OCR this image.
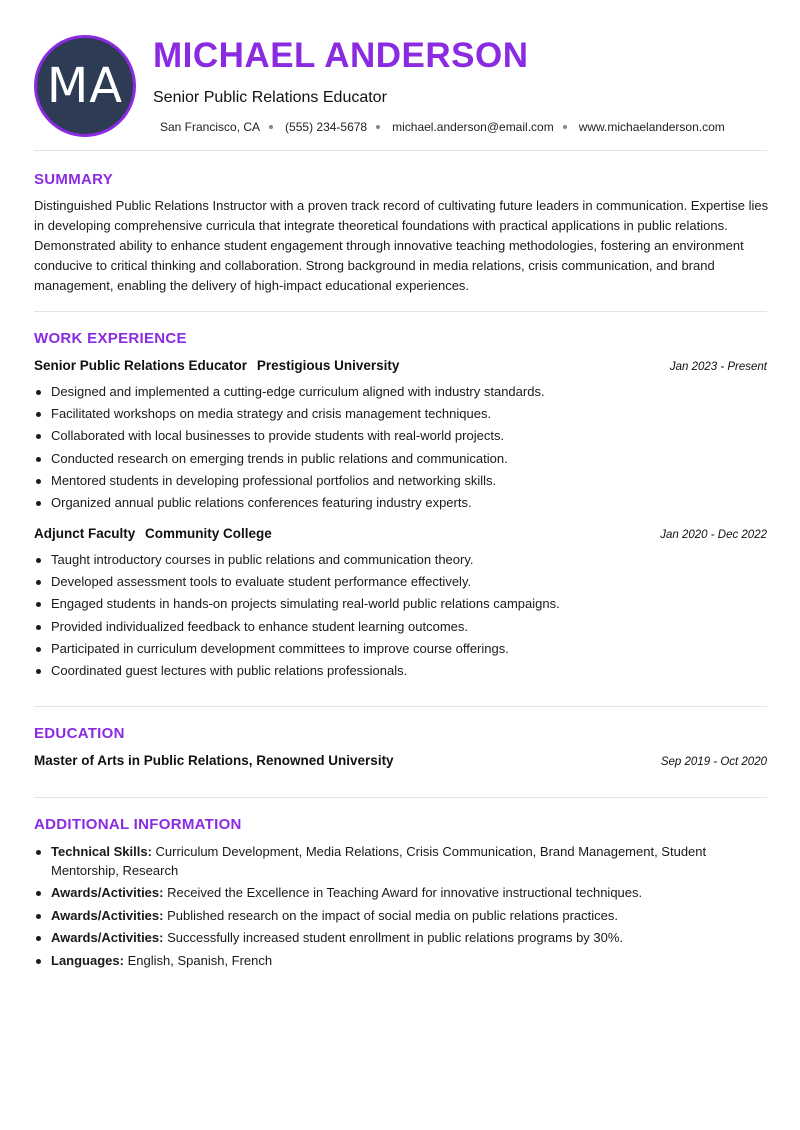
MA
MICHAEL ANDERSON
Senior Public Relations Educator
San Francisco, CA (555) 234-5678 michael.anderson@email.com www.michaelanderson.com
SUMMARY
Distinguished Public Relations Instructor with a proven track record of cultivating future leaders in communication. Expertise lies in developing comprehensive curricula that integrate theoretical foundations with practical applications in public relations. Demonstrated ability to enhance student engagement through innovative teaching methodologies, fostering an environment conducive to critical thinking and collaboration. Strong background in media relations, crisis communication, and brand management, enabling the delivery of high-impact educational experiences.
WORK EXPERIENCE
Senior Public Relations Educator Prestigious University	Jan 2023 - Present
Designed and implemented a cutting-edge curriculum aligned with industry standards.
Facilitated workshops on media strategy and crisis management techniques.
Collaborated with local businesses to provide students with real-world projects.
Conducted research on emerging trends in public relations and communication.
Mentored students in developing professional portfolios and networking skills.
Organized annual public relations conferences featuring industry experts.
Adjunct Faculty Community College	Jan 2020 - Dec 2022
Taught introductory courses in public relations and communication theory.
Developed assessment tools to evaluate student performance effectively.
Engaged students in hands-on projects simulating real-world public relations campaigns.
Provided individualized feedback to enhance student learning outcomes.
Participated in curriculum development committees to improve course offerings.
Coordinated guest lectures with public relations professionals.
EDUCATION
Master of Arts in Public Relations, Renowned University	Sep 2019 - Oct 2020
ADDITIONAL INFORMATION
Technical Skills: Curriculum Development, Media Relations, Crisis Communication, Brand Management, Student Mentorship, Research
Awards/Activities: Received the Excellence in Teaching Award for innovative instructional techniques.
Awards/Activities: Published research on the impact of social media on public relations practices.
Awards/Activities: Successfully increased student enrollment in public relations programs by 30%.
Languages: English, Spanish, French
